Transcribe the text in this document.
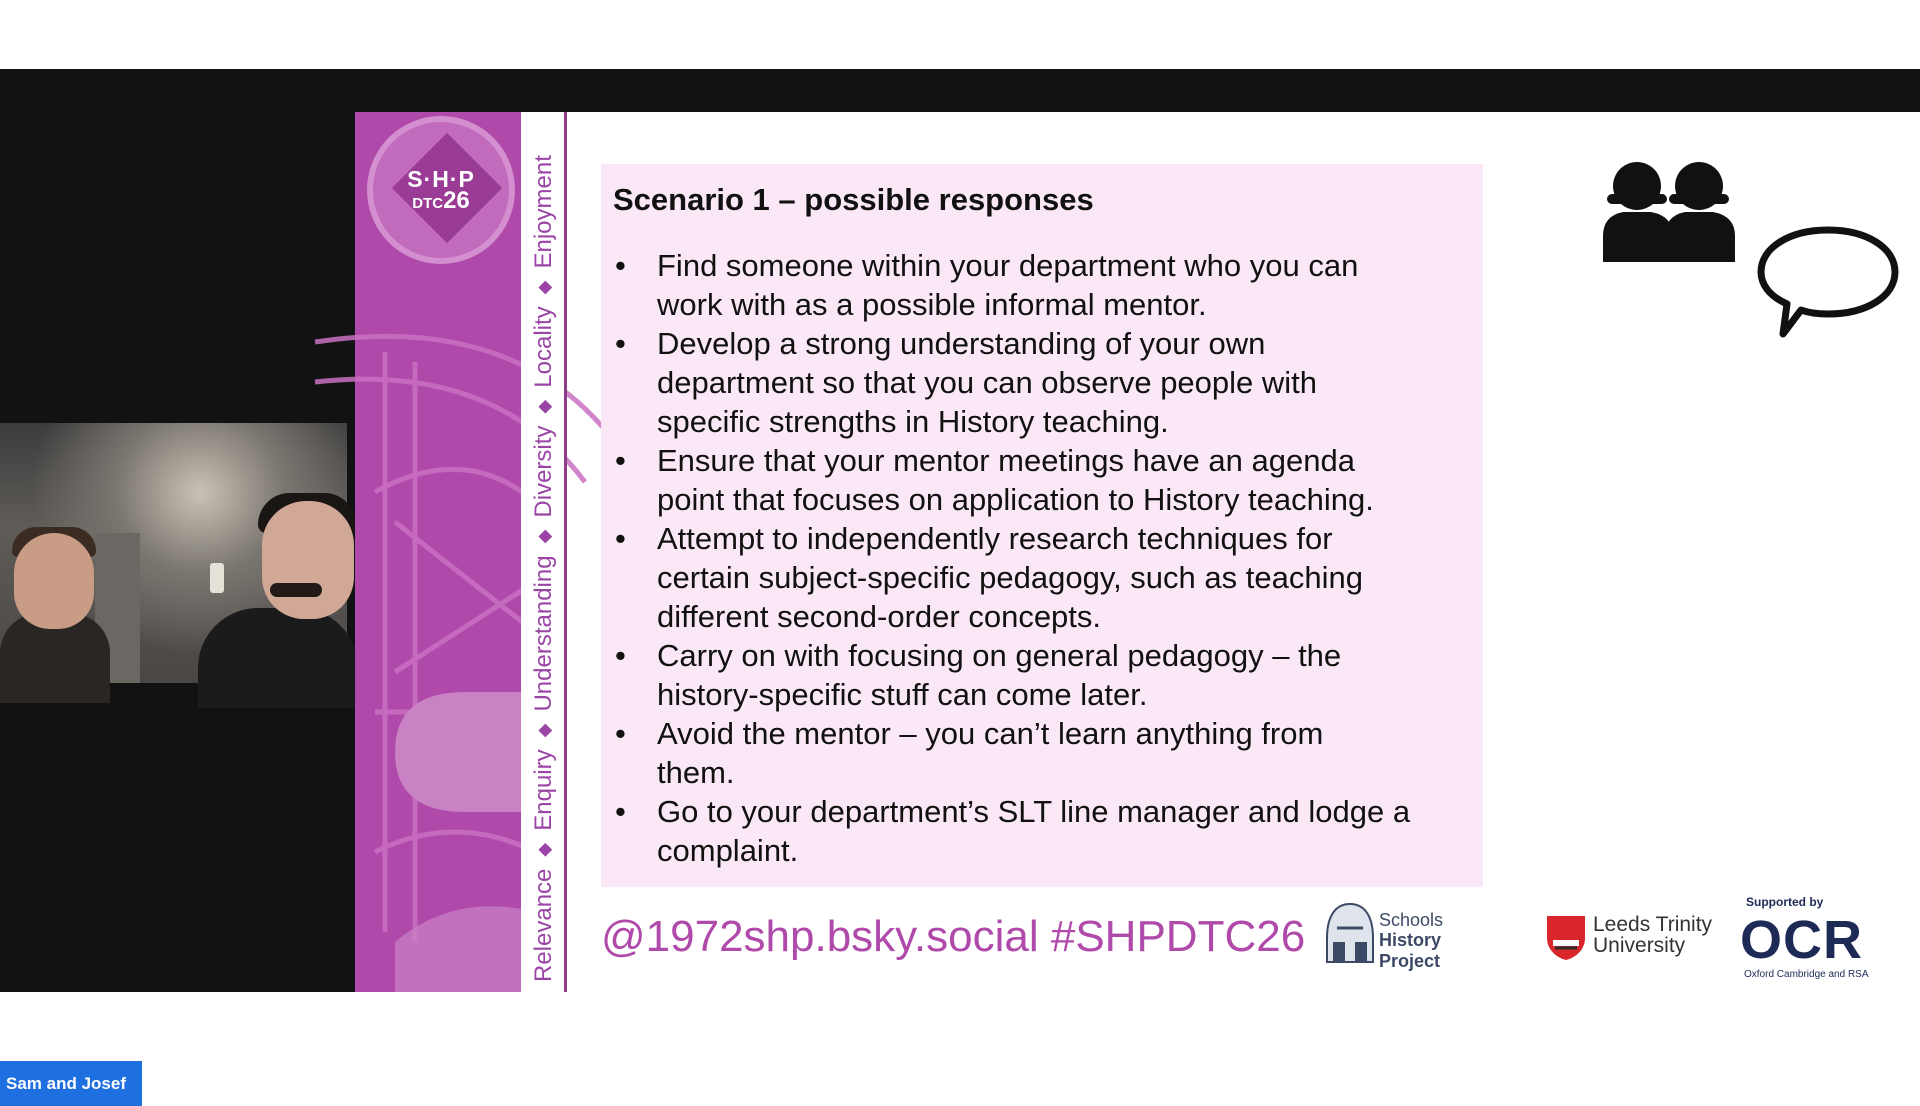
Sam and Josef
S·H·P
DTC26
Relevance
◆
Enquiry
◆
Understanding
◆
Diversity
◆
Locality
◆
Enjoyment Scenario 1 – possible responses
• Find someone within your department who you can
work with as a possible informal mentor.
• Develop a strong understanding of your own
department so that you can observe people with
specific strengths in History teaching.
• Ensure that your mentor meetings have an agenda
point that focuses on application to History teaching.
• Attempt to independently research techniques for
certain subject-specific pedagogy, such as teaching
different second-order concepts.
• Carry on with focusing on general pedagogy – the
history-specific stuff can come later.
• Avoid the mentor – you can’t learn anything from
them.
• Go to your department’s SLT line manager and lodge a
complaint.
@1972shp.bsky.social #SHPDTC26	Schools
History Project
Leeds Trinity
University
Supported by
OCR
Oxford Cambridge and RSA
